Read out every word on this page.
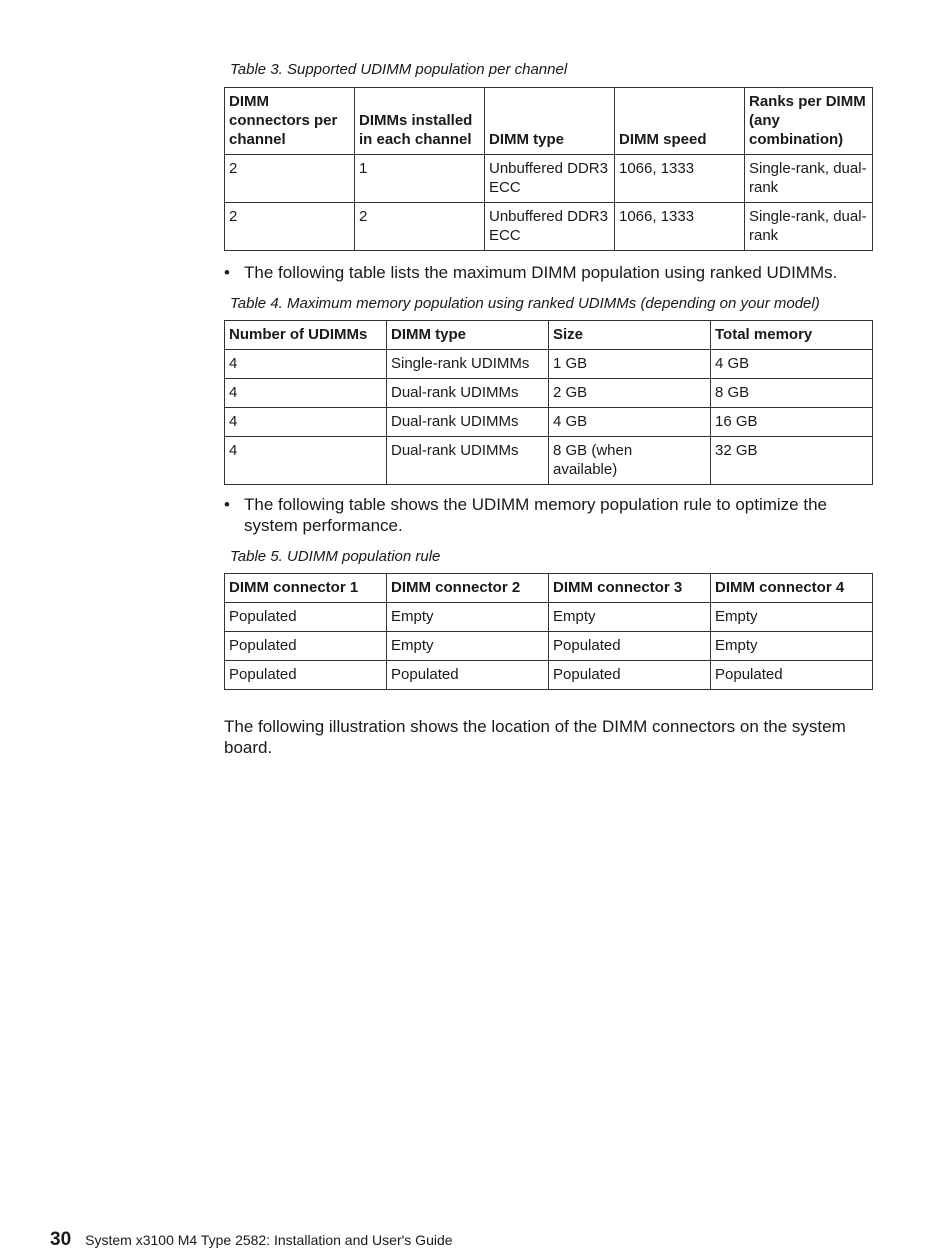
Table 3. Supported UDIMM population per channel
DIMM connectors per channel	DIMMs installed in each channel	DIMM type	DIMM speed	Ranks per DIMM (any combination)
2	1	Unbuffered DDR3 ECC	1066, 1333	Single-rank, dual-rank
2	2	Unbuffered DDR3 ECC	1066, 1333	Single-rank, dual-rank
• The following table lists the maximum DIMM population using ranked UDIMMs.
Table 4. Maximum memory population using ranked UDIMMs (depending on your model)
Number of UDIMMs	DIMM type	Size	Total memory
4	Single-rank UDIMMs	1 GB	4 GB
4	Dual-rank UDIMMs	2 GB	8 GB
4	Dual-rank UDIMMs	4 GB	16 GB
4	Dual-rank UDIMMs	8 GB (when available)	32 GB
• The following table shows the UDIMM memory population rule to optimize the system performance.
Table 5. UDIMM population rule
DIMM connector 1	DIMM connector 2	DIMM connector 3	DIMM connector 4
Populated	Empty	Empty	Empty
Populated	Empty	Populated	Empty
Populated	Populated	Populated	Populated
The following illustration shows the location of the DIMM connectors on the system board.
30 System x3100 M4 Type 2582: Installation and User's Guide
